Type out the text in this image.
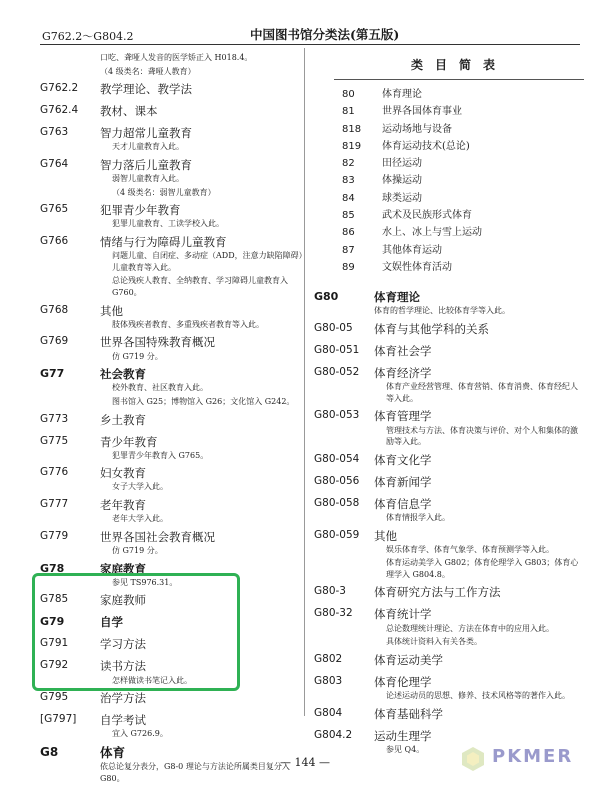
G762.2～G804.2	中国图书馆分类法(第五版)
口吃、聋哑人发音的医学矫正入 H018.4。
（4 级类名：聋哑人教育）
G762.2	教学理论、教学法
G762.4	教材、课本
G763	智力超常儿童教育
天才儿童教育入此。
G764	智力落后儿童教育
弱智儿童教育入此。
（4 级类名：弱智儿童教育）
G765	犯罪青少年教育
犯罪儿童教育、工读学校入此。
G766	情绪与行为障碍儿童教育
问题儿童、自闭症、多动症（ADD，注意力缺陷障碍）儿童教育等入此。
总论残疾人教育、全纳教育、学习障碍儿童教育入 G760。
G768	其他
肢体残疾者教育、多重残疾者教育等入此。
G769	世界各国特殊教育概况
仿 G719 分。
G77	社会教育
校外教育、社区教育入此。
图书馆入 G25；博物馆入 G26；文化馆入 G242。
G773	乡土教育
G775	青少年教育
犯罪青少年教育入 G765。
G776	妇女教育
女子大学入此。
G777	老年教育
老年大学入此。
G779	世界各国社会教育概况
仿 G719 分。
G78	家庭教育
参见 TS976.31。
G785	家庭教师
G79	自学
G791	学习方法
G792	读书方法
怎样做读书笔记入此。
G795	治学方法
[G797]	自学考试
宜入 G726.9。
G8	体育
依总论复分表分，G8-0 理论与方法论所属类目复分入 G80。
类目简表
80	体育理论
81	世界各国体育事业
818 运动场地与设备
819 体育运动技术(总论)
82	田径运动
83	体操运动
84	球类运动
85	武术及民族形式体育
86	水上、冰上与雪上运动
87	其他体育运动
89	文娱性体育活动
G80	体育理论
体育的哲学理论、比较体育学等入此。
G80-05	体育与其他学科的关系
G80-051	体育社会学
G80-052	体育经济学
体育产业经营管理、体育营销、体育消费、体育经纪人等入此。
G80-053	体育管理学
管理技术与方法、体育决策与评价、对个人和集体的激励等入此。
G80-054	体育文化学
G80-056	体育新闻学
G80-058	体育信息学
体育情报学入此。
G80-059	其他
娱乐体育学、体育气象学、体育预测学等入此。
体育运动美学入 G802；体育伦理学入 G803；体育心理学入 G804.8。
G80-3	体育研究方法与工作方法
G80-32	体育统计学
总论数理统计理论、方法在体育中的应用入此。
具体统计资料入有关各类。
G802	体育运动美学
G803	体育伦理学
论述运动员的思想、修养、技术风格等的著作入此。
G804	体育基础科学
G804.2	运动生理学
参见 Q4。
— 144 —	PKMER
